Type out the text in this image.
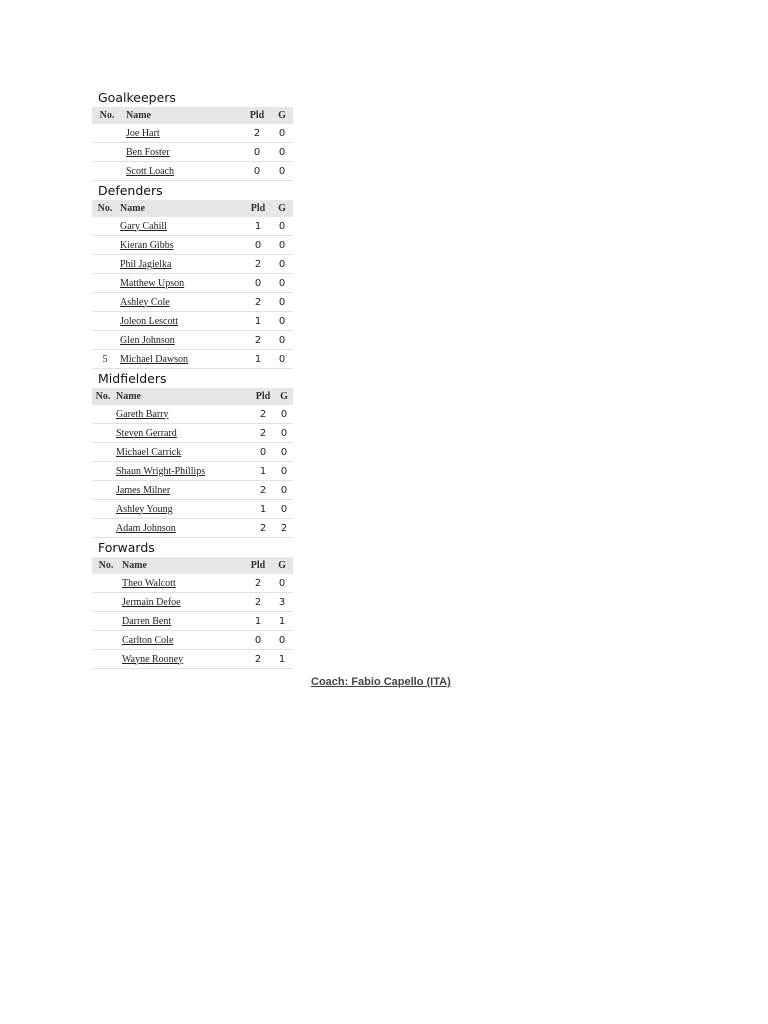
Goalkeepers
No.	Name	Pld	G
	Joe Hart	2	0
	Ben Foster	0	0
	Scott Loach	0	0
Defenders
No.	Name	Pld	G
	Gary Cahill	1	0
	Kieran Gibbs	0	0
	Phil Jagielka	2	0
	Matthew Upson	0	0
	Ashley Cole	2	0
	Joleon Lescott	1	0
	Glen Johnson	2	0
5	Michael Dawson	1	0
Midfielders
No.	Name	Pld	G
	Gareth Barry	2	0
	Steven Gerrard	2	0
	Michael Carrick	0	0
	Shaun Wright-Phillips	1	0
	James Milner	2	0
	Ashley Young	1	0
	Adam Johnson	2	2
Forwards
No.	Name	Pld	G
	Theo Walcott	2	0
	Jermain Defoe	2	3
	Darren Bent	1	1
	Carlton Cole	0	0
	Wayne Rooney	2	1
Coach: Fabio Capello (ITA)
